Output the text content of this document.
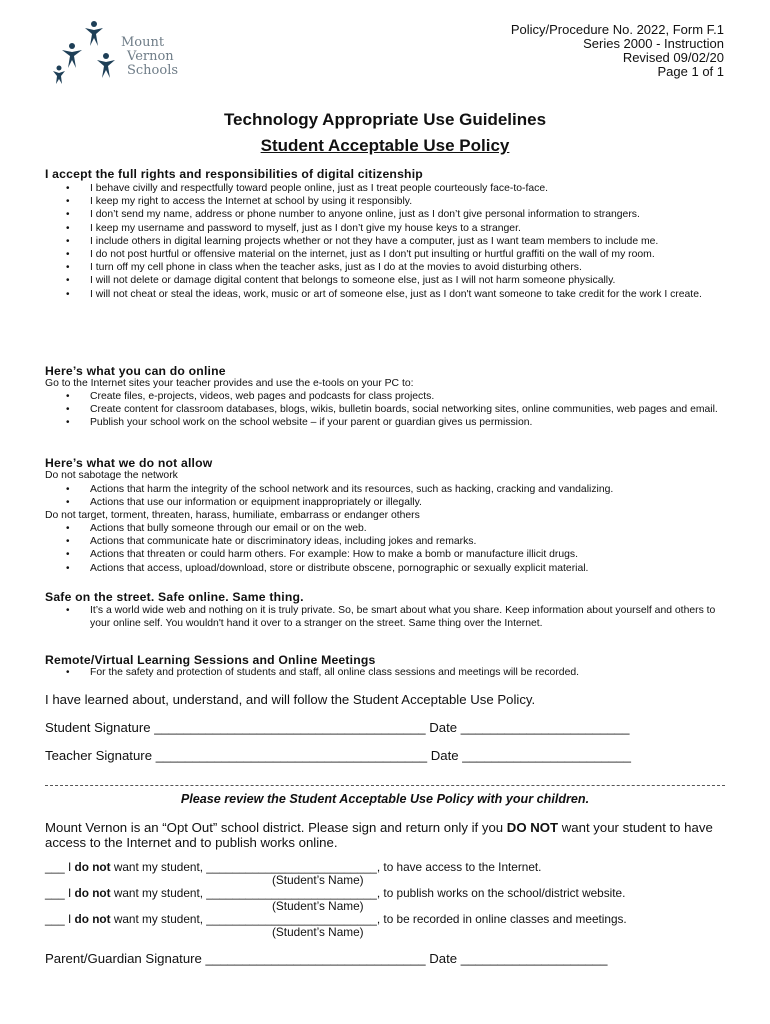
Mount
Vernon
Schools
Policy/Procedure No. 2022, Form F.1
Series 2000 - Instruction
Revised 09/02/20
Page 1 of 1
Technology Appropriate Use Guidelines
Student Acceptable Use Policy
I accept the full rights and responsibilities of digital citizenship
• I behave civilly and respectfully toward people online, just as I treat people courteously face-to-face.
• I keep my right to access the Internet at school by using it responsibly.
• I don’t send my name, address or phone number to anyone online, just as I don’t give personal information to strangers.
• I keep my username and password to myself, just as I don’t give my house keys to a stranger.
• I include others in digital learning projects whether or not they have a computer, just as I want team members to include me.
• I do not post hurtful or offensive material on the internet, just as I don't put insulting or hurtful graffiti on the wall of my room.
• I turn off my cell phone in class when the teacher asks, just as I do at the movies to avoid disturbing others.
• I will not delete or damage digital content that belongs to someone else, just as I will not harm someone physically.
• I will not cheat or steal the ideas, work, music or art of someone else, just as I don't want someone to take credit for the work I create.
Here’s what you can do online
Go to the Internet sites your teacher provides and use the e-tools on your PC to:
• Create files, e-projects, videos, web pages and podcasts for class projects.
• Create content for classroom databases, blogs, wikis, bulletin boards, social networking sites, online communities, web pages and email.
• Publish your school work on the school website – if your parent or guardian gives us permission.
Here’s what we do not allow
Do not sabotage the network
• Actions that harm the integrity of the school network and its resources, such as hacking, cracking and vandalizing.
• Actions that use our information or equipment inappropriately or illegally.
Do not target, torment, threaten, harass, humiliate, embarrass or endanger others
• Actions that bully someone through our email or on the web.
• Actions that communicate hate or discriminatory ideas, including jokes and remarks.
• Actions that threaten or could harm others. For example: How to make a bomb or manufacture illicit drugs.
• Actions that access, upload/download, store or distribute obscene, pornographic or sexually explicit material.
Safe on the street. Safe online. Same thing.
• It’s a world wide web and nothing on it is truly private. So, be smart about what you share. Keep information about yourself and others to your online self. You wouldn't hand it over to a stranger on the street. Same thing over the Internet.
Remote/Virtual Learning Sessions and Online Meetings
• For the safety and protection of students and staff, all online class sessions and meetings will be recorded.
I have learned about, understand, and will follow the Student Acceptable Use Policy.
Student Signature _____________________________________ Date _______________________
Teacher Signature _____________________________________ Date _______________________
Please review the Student Acceptable Use Policy with your children.
Mount Vernon is an “Opt Out” school district. Please sign and return only if you DO NOT want your student to have access to the Internet and to publish works online.
___ I do not want my student, __________________________, to have access to the Internet.
(Student’s Name)
___ I do not want my student, __________________________, to publish works on the school/district website.
(Student’s Name)
___ I do not want my student, __________________________, to be recorded in online classes and meetings.
(Student’s Name)
Parent/Guardian Signature ______________________________ Date ____________________
